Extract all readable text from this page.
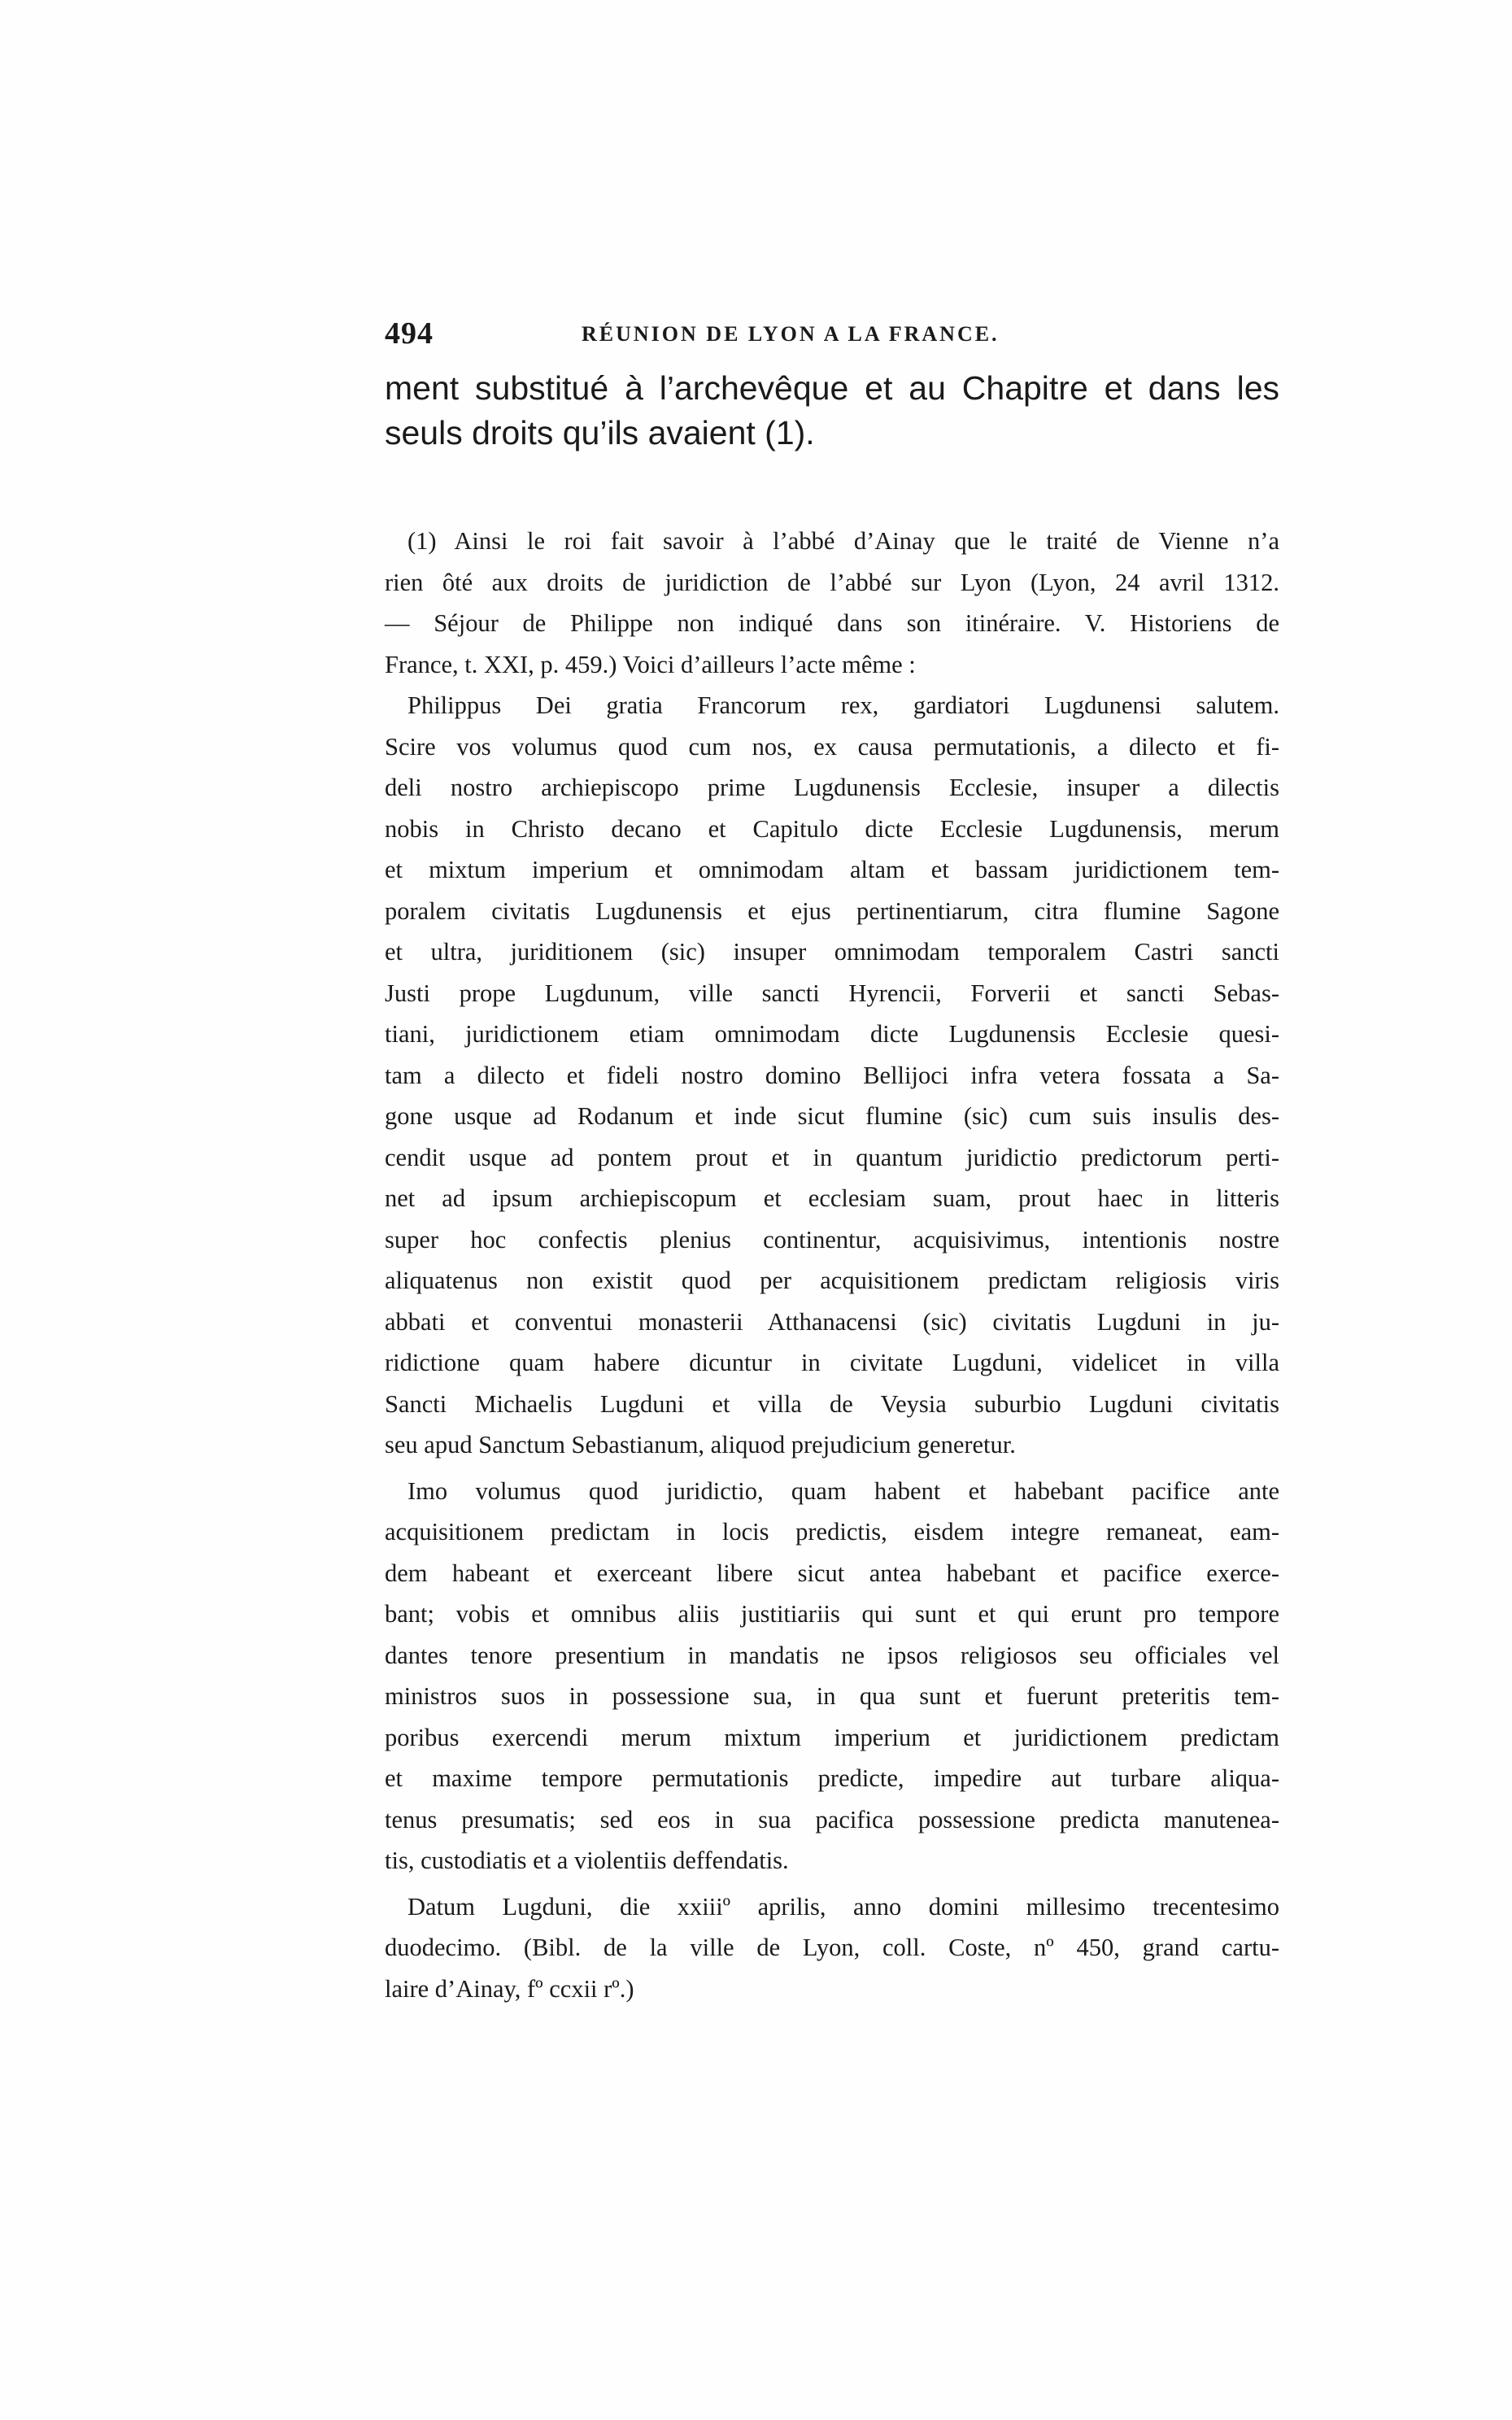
494	RÉUNION DE LYON A LA FRANCE.
ment substitué à l’archevêque et au Chapitre et dans les
seuls droits qu’ils avaient (1).
(1) Ainsi le roi fait savoir à l’abbé d’Ainay que le traité de Vienne n’a
rien ôté aux droits de juridiction de l’abbé sur Lyon (Lyon, 24 avril 1312.
— Séjour de Philippe non indiqué dans son itinéraire. V. Historiens de
France, t. XXI, p. 459.) Voici d’ailleurs l’acte même :
Philippus Dei gratia Francorum rex, gardiatori Lugdunensi salutem.
Scire vos volumus quod cum nos, ex causa permutationis, a dilecto et fi-
deli nostro archiepiscopo prime Lugdunensis Ecclesie, insuper a dilectis
nobis in Christo decano et Capitulo dicte Ecclesie Lugdunensis, merum
et mixtum imperium et omnimodam altam et bassam juridictionem tem-
poralem civitatis Lugdunensis et ejus pertinentiarum, citra flumine Sagone
et ultra, juriditionem (sic) insuper omnimodam temporalem Castri sancti
Justi prope Lugdunum, ville sancti Hyrencii, Forverii et sancti Sebas-
tiani, juridictionem etiam omnimodam dicte Lugdunensis Ecclesie quesi-
tam a dilecto et fideli nostro domino Bellijoci infra vetera fossata a Sa-
gone usque ad Rodanum et inde sicut flumine (sic) cum suis insulis des-
cendit usque ad pontem prout et in quantum juridictio predictorum perti-
net ad ipsum archiepiscopum et ecclesiam suam, prout haec in litteris
super hoc confectis plenius continentur, acquisivimus, intentionis nostre
aliquatenus non existit quod per acquisitionem predictam religiosis viris
abbati et conventui monasterii Atthanacensi (sic) civitatis Lugduni in ju-
ridictione quam habere dicuntur in civitate Lugduni, videlicet in villa
Sancti Michaelis Lugduni et villa de Veysia suburbio Lugduni civitatis
seu apud Sanctum Sebastianum, aliquod prejudicium generetur.
Imo volumus quod juridictio, quam habent et habebant pacifice ante
acquisitionem predictam in locis predictis, eisdem integre remaneat, eam-
dem habeant et exerceant libere sicut antea habebant et pacifice exerce-
bant; vobis et omnibus aliis justitiariis qui sunt et qui erunt pro tempore
dantes tenore presentium in mandatis ne ipsos religiosos seu officiales vel
ministros suos in possessione sua, in qua sunt et fuerunt preteritis tem-
poribus exercendi merum mixtum imperium et juridictionem predictam
et maxime tempore permutationis predicte, impedire aut turbare aliqua-
tenus presumatis; sed eos in sua pacifica possessione predicta manutenea-
tis, custodiatis et a violentiis deffendatis.
Datum Lugduni, die xxiiiº aprilis, anno domini millesimo trecentesimo
duodecimo. (Bibl. de la ville de Lyon, coll. Coste, nº 450, grand cartu-
laire d’Ainay, fº ccxii rº.)
